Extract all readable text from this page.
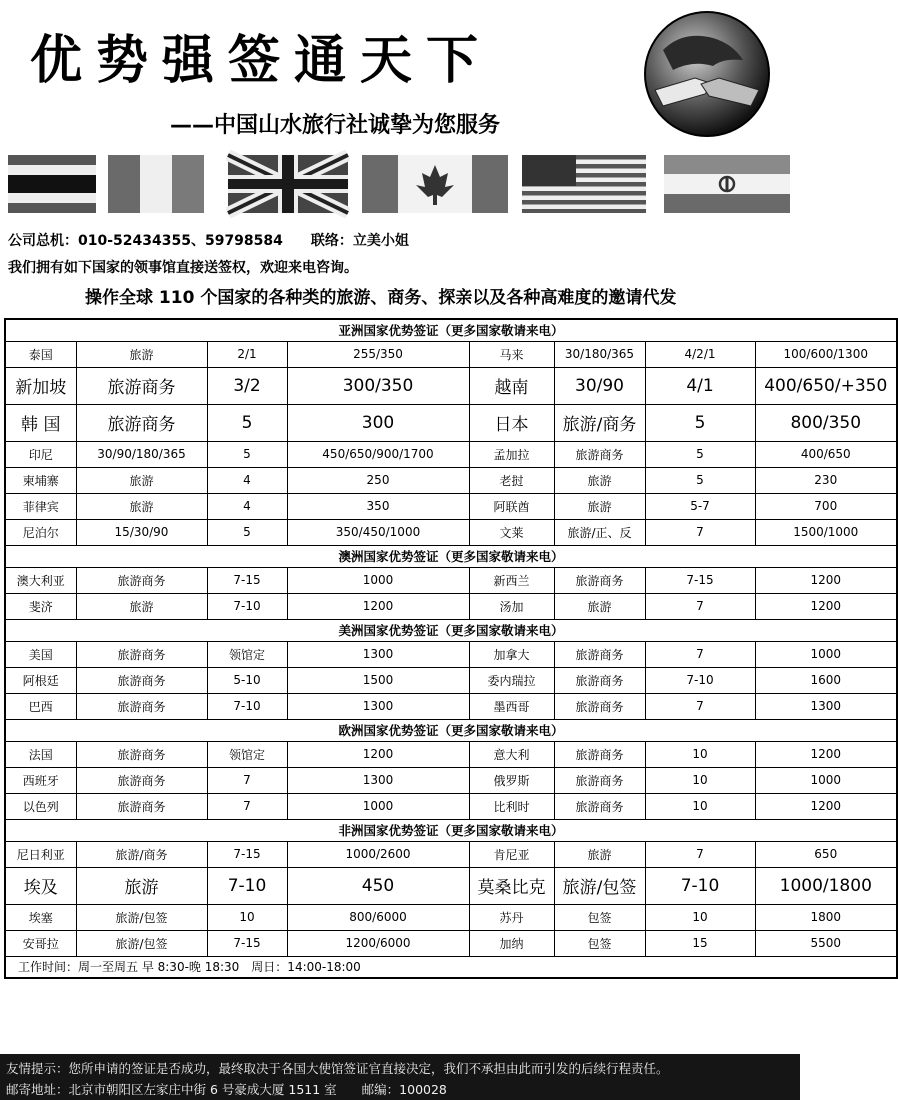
优势强签通天下
——中国山水旅行社诚挚为您服务
公司总机：010-52434355、59798584　　联络：立美小姐
我们拥有如下国家的领事馆直接送签权，欢迎来电咨询。
操作全球 110 个国家的各种类的旅游、商务、探亲以及各种高难度的邀请代发
亚洲国家优势签证（更多国家敬请来电）							
泰国	旅游	2/1	255/350	马来	30/180/365	4/2/1	100/600/1300
新加坡	旅游商务	3/2	300/350	越南	30/90	4/1	400/650/+350
韩 国	旅游商务	5	300	日本	旅游/商务	5	800/350
印尼	30/90/180/365	5	450/650/900/1700	孟加拉	旅游商务	5	400/650
柬埔寨	旅游	4	250	老挝	旅游	5	230
菲律宾	旅游	4	350	阿联酋	旅游	5-7	700
尼泊尔	15/30/90	5	350/450/1000	文莱	旅游/正、反	7	1500/1000
澳洲国家优势签证（更多国家敬请来电）							
澳大利亚	旅游商务	7-15	1000	新西兰	旅游商务	7-15	1200
斐济	旅游	7-10	1200	汤加	旅游	7	1200
美洲国家优势签证（更多国家敬请来电）							
美国	旅游商务	领馆定	1300	加拿大	旅游商务	7	1000
阿根廷	旅游商务	5-10	1500	委内瑞拉	旅游商务	7-10	1600
巴西	旅游商务	7-10	1300	墨西哥	旅游商务	7	1300
欧洲国家优势签证（更多国家敬请来电）							
法国	旅游商务	领馆定	1200	意大利	旅游商务	10	1200
西班牙	旅游商务	7	1300	俄罗斯	旅游商务	10	1000
以色列	旅游商务	7	1000	比利时	旅游商务	10	1200
非洲国家优势签证（更多国家敬请来电）							
尼日利亚	旅游/商务	7-15	1000/2600	肯尼亚	旅游	7	650
埃及	旅游	7-10	450	莫桑比克	旅游/包签	7-10	1000/1800
埃塞	旅游/包签	10	800/6000	苏丹	包签	10	1800
安哥拉	旅游/包签	7-15	1200/6000	加纳	包签	15	5500
工作时间：周一至周五 早 8:30-晚 18:30　周日：14:00-18:00							
友情提示：您所申请的签证是否成功，最终取决于各国大使馆签证官直接决定，我们不承担由此而引发的后续行程责任。
邮寄地址：北京市朝阳区左家庄中街 6 号豪成大厦 1511 室　　邮编：100028
